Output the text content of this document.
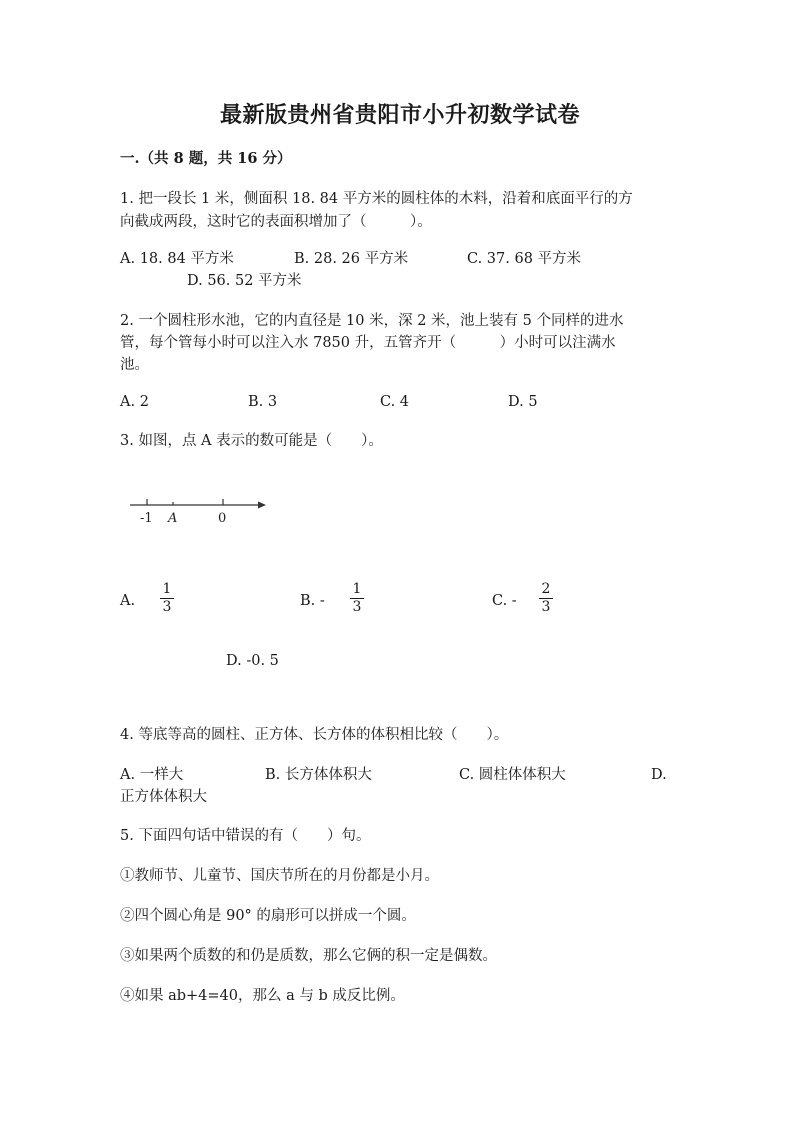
最新版贵州省贵阳市小升初数学试卷
一.（共 8 题，共 16 分）
1. 把一段长 1 米，侧面积 18. 84 平方米的圆柱体的木料，沿着和底面平行的方
向截成两段，这时它的表面积增加了（　　　）。
A. 18. 84 平方米	B. 28. 26 平方米	C. 37. 68 平方米
D. 56. 52 平方米
2. 一个圆柱形水池，它的内直径是 10 米，深 2 米，池上装有 5 个同样的进水
管，每个管每小时可以注入水 7850 升，五管齐开（　　　）小时可以注满水
池。
A. 2	B. 3	C. 4	D. 5
3. 如图，点 A 表示的数可能是（　　）。
-1 A	0
A.
1
3	B. -
1
3	C. -
2
3
D. -0. 5
4. 等底等高的圆柱、正方体、长方体的体积相比较（　　）。
A. 一样大	B. 长方体体积大	C. 圆柱体体积大	D.
正方体体积大
5. 下面四句话中错误的有（　　）句。
①教师节、儿童节、国庆节所在的月份都是小月。
②四个圆心角是 90° 的扇形可以拼成一个圆。
③如果两个质数的和仍是质数，那么它俩的积一定是偶数。
④如果 ab+4=40，那么 a 与 b 成反比例。
